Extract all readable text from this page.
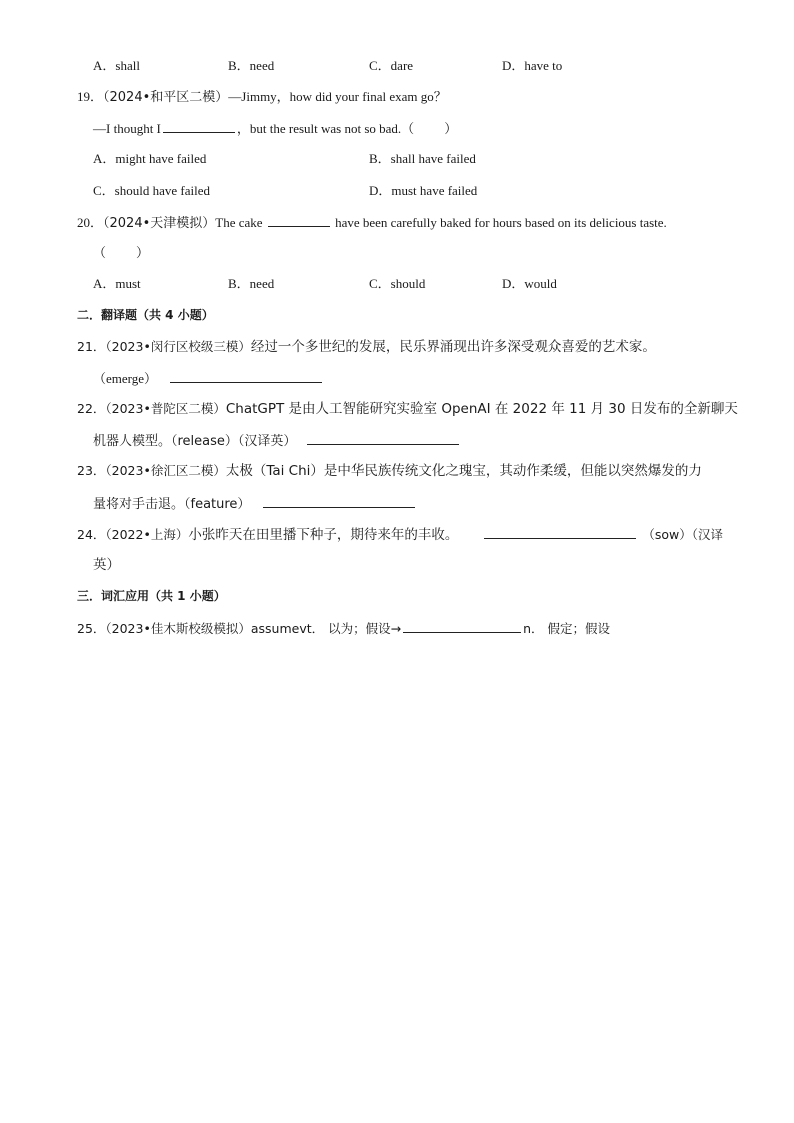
A．shall	B．need	C．dare	D．have to
19．（2024•和平区二模）—Jimmy，how did your final exam go？
—I thought I	，but the result was not so bad.（ ）
A．might have failed	B．shall have failed
C．should have failed	D．must have failed
20．（2024•天津模拟）The cake	have been carefully baked for hours based on its delicious taste.
（ ）
A．must	B．need	C．should	D．would
二．翻译题（共 4 小题）
21．（2023•闵行区校级三模）经过一个多世纪的发展，民乐界涌现出许多深受观众喜爱的艺术家。
（emerge）
22．（2023•普陀区二模）ChatGPT 是由人工智能研究实验室 OpenAI 在 2022 年 11 月 30 日发布的全新聊天
机器人模型。（release）（汉译英）
23．（2023•徐汇区二模）太极（Tai Chi）是中华民族传统文化之瑰宝，其动作柔缓，但能以突然爆发的力
量将对手击退。（feature）
24．（2022•上海）小张昨天在田里播下种子，期待来年的丰收。	（sow）（汉译
英）
三．词汇应用（共 1 小题）
25．（2023•佳木斯校级模拟）assumevt． 以为；假设→	n． 假定；假设
